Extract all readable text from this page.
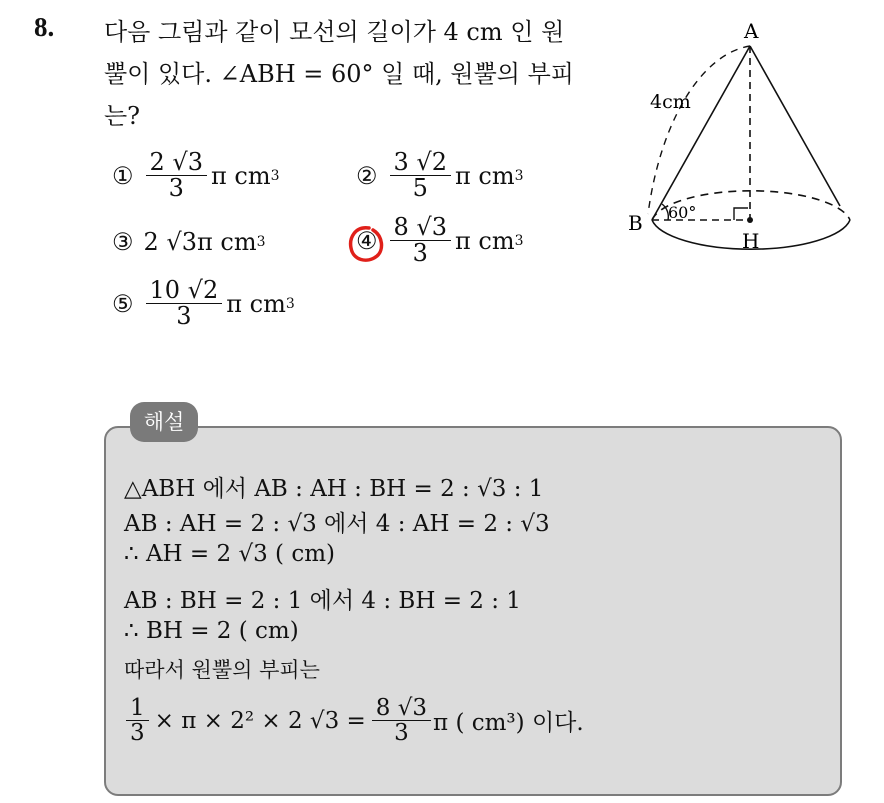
8. 다음 그림과 같이 모선의 길이가 4 cm 인 원
뿔이 있다. ∠ABH = 60° 일 때, 원뿔의 부피
는?
① $\frac{2 √3}{3}$ π cm 3	② $\frac{3 √2}{5}$ π cm 3
③ 2 √3π cm 3	④ $\frac{8 √3}{3}$ π cm 3
⑤ $\frac{10 √2}{3}$ π cm 3
A
B
H
4cm
60°
해설
△ABH 에서 AB : AH : BH = 2 : √3 : 1
AB : AH = 2 : √3 에서 4 : AH = 2 : √3
∴ AH = 2 √3 ( cm)
AB : BH = 2 : 1 에서 4 : BH = 2 : 1
∴ BH = 2 ( cm)
따라서 원뿔의 부피는
$\frac{1}{3} \times \pi \times 2^2 \times 2$ $√3 = \frac{8 √3}{3}$ π ( cm³) 이다.
